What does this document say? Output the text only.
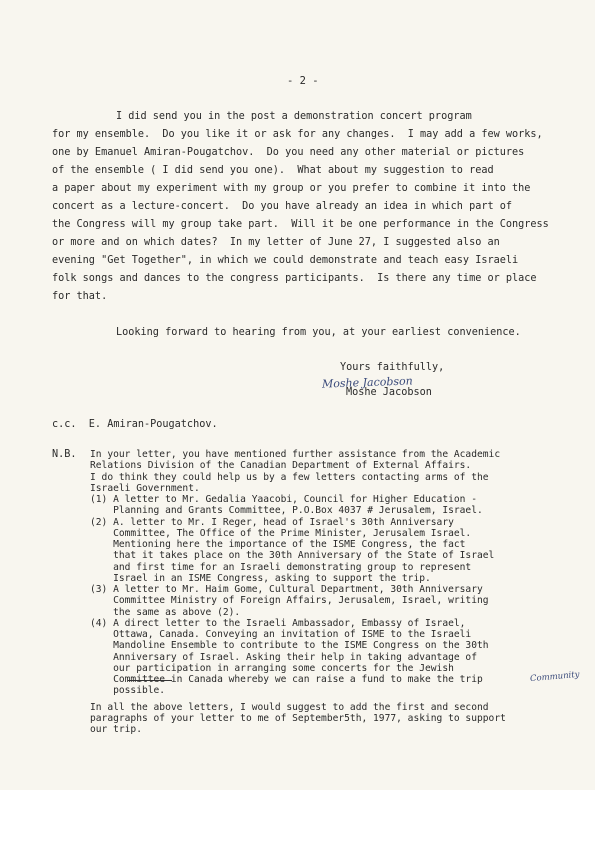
- 2 -
I did send you in the post a demonstration concert program
for my ensemble.  Do you like it or ask for any changes.  I may add a few works,
one by Emanuel Amiran-Pougatchov.  Do you need any other material or pictures
of the ensemble ( I did send you one).  What about my suggestion to read
a paper about my experiment with my group or you prefer to combine it into the
concert as a lecture-concert.  Do you have already an idea in which part of
the Congress will my group take part.  Will it be one performance in the Congress
or more and on which dates?  In my letter of June 27, I suggested also an
evening "Get Together", in which we could demonstrate and teach easy Israeli
folk songs and dances to the congress participants.  Is there any time or place
for that.
Looking forward to hearing from you, at your earliest convenience.
Yours faithfully,
Moshe Jacobson
Moshe Jacobson
c.c.  E. Amiran-Pougatchov.
N.B. In your letter, you have mentioned further assistance from the Academic
Relations Division of the Canadian Department of External Affairs.
I do think they could help us by a few letters contacting arms of the
Israeli Government.
(1) A letter to Mr. Gedalia Yaacobi, Council for Higher Education -
Planning and Grants Committee, P.O.Box 4037 # Jerusalem, Israel.
(2) A. letter to Mr. I Reger, head of Israel's 30th Anniversary
Committee, The Office of the Prime Minister, Jerusalem Israel.
Mentioning here the importance of the ISME Congress, the fact
that it takes place on the 30th Anniversary of the State of Israel
and first time for an Israeli demonstrating group to represent
Israel in an ISME Congress, asking to support the trip.
(3) A letter to Mr. Haim Gome, Cultural Department, 30th Anniversary
Committee Ministry of Foreign Affairs, Jerusalem, Israel, writing
the same as above (2).
(4) A direct letter to the Israeli Ambassador, Embassy of Israel,
Ottawa, Canada. Conveying an invitation of ISME to the Israeli
Mandoline Ensemble to contribute to the ISME Congress on the 30th
Anniversary of Israel. Asking their help in taking advantage of
our participation in arranging some concerts for the Jewish
Committee in Canada whereby we can raise a fund to make the trip
possible.
In all the above letters, I would suggest to add the first and second
paragraphs of your letter to me of September5th, 1977, asking to support
our trip.
Community
